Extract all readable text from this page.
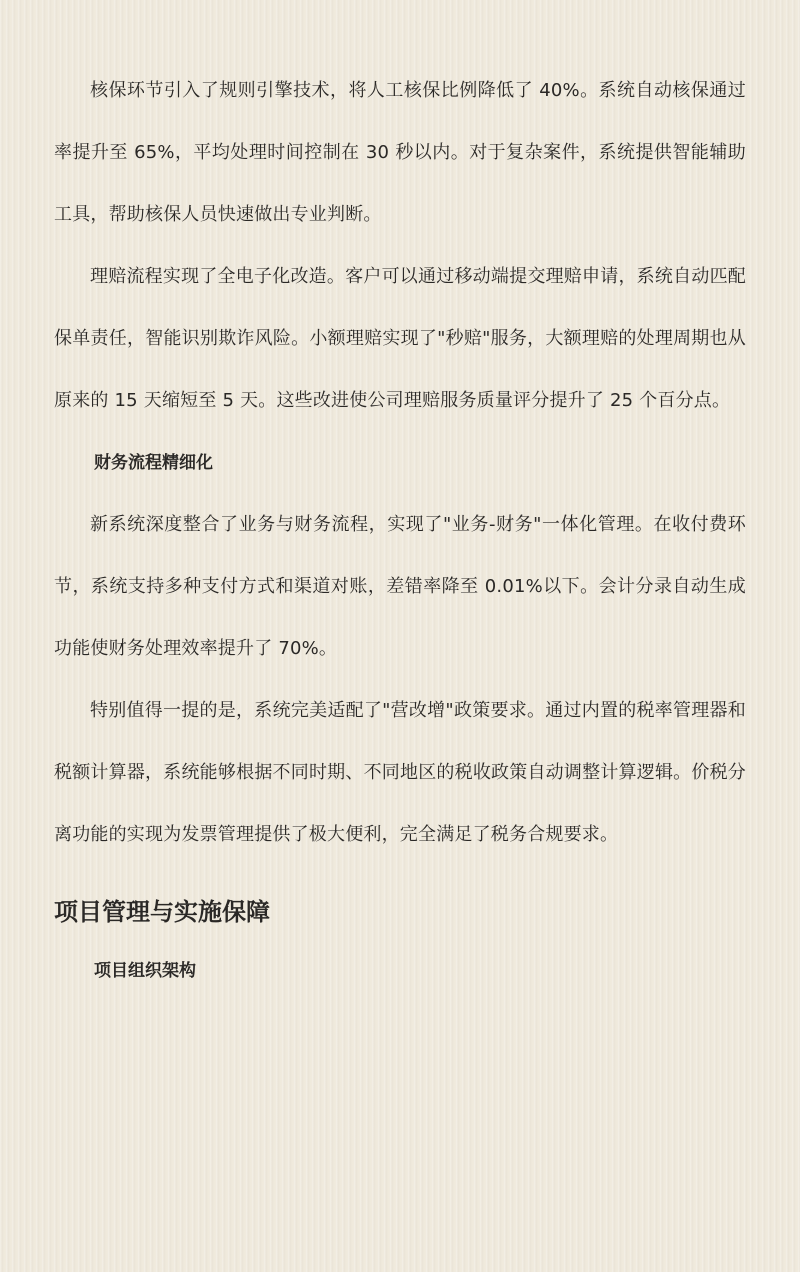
核保环节引入了规则引擎技术，将人工核保比例降低了 40%。系统自动核保通过率提升至 65%，平均处理时间控制在 30 秒以内。对于复杂案件，系统提供智能辅助工具，帮助核保人员快速做出专业判断。

理赔流程实现了全电子化改造。客户可以通过移动端提交理赔申请，系统自动匹配保单责任，智能识别欺诈风险。小额理赔实现了"秒赔"服务，大额理赔的处理周期也从原来的 15 天缩短至 5 天。这些改进使公司理赔服务质量评分提升了 25 个百分点。

财务流程精细化

新系统深度整合了业务与财务流程，实现了"业务-财务"一体化管理。在收付费环节，系统支持多种支付方式和渠道对账，差错率降至 0.01%以下。会计分录自动生成功能使财务处理效率提升了 70%。

特别值得一提的是，系统完美适配了"营改增"政策要求。通过内置的税率管理器和税额计算器，系统能够根据不同时期、不同地区的税收政策自动调整计算逻辑。价税分离功能的实现为发票管理提供了极大便利，完全满足了税务合规要求。

项目管理与实施保障
项目组织架构
